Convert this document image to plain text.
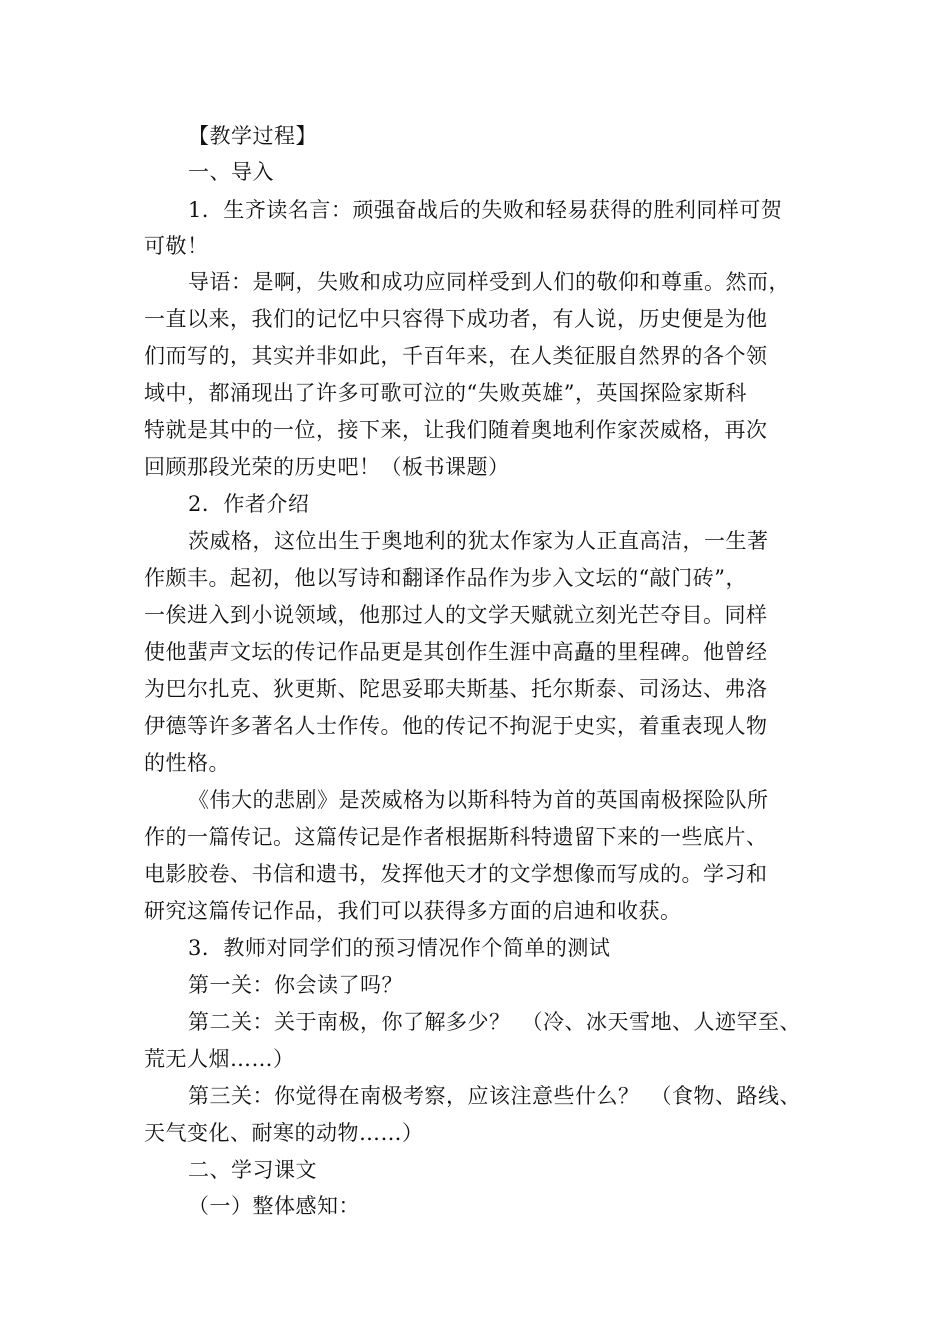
【教学过程】
一、导入
1．生齐读名言：顽强奋战后的失败和轻易获得的胜利同样可贺
可敬！
导语：是啊，失败和成功应同样受到人们的敬仰和尊重。然而，
一直以来，我们的记忆中只容得下成功者，有人说，历史便是为他
们而写的，其实并非如此，千百年来，在人类征服自然界的各个领
域中，都涌现出了许多可歌可泣的“失败英雄”，英国探险家斯科
特就是其中的一位，接下来，让我们随着奥地利作家茨威格，再次
回顾那段光荣的历史吧！（板书课题）
2．作者介绍
茨威格，这位出生于奥地利的犹太作家为人正直高洁，一生著
作颇丰。起初，他以写诗和翻译作品作为步入文坛的“敲门砖”，
一俟进入到小说领域，他那过人的文学天赋就立刻光芒夺目。同样
使他蜚声文坛的传记作品更是其创作生涯中高矗的里程碑。他曾经
为巴尔扎克、狄更斯、陀思妥耶夫斯基、托尔斯泰、司汤达、弗洛
伊德等许多著名人士作传。他的传记不拘泥于史实，着重表现人物
的性格。
《伟大的悲剧》是茨威格为以斯科特为首的英国南极探险队所
作的一篇传记。这篇传记是作者根据斯科特遗留下来的一些底片、
电影胶卷、书信和遗书，发挥他天才的文学想像而写成的。学习和
研究这篇传记作品，我们可以获得多方面的启迪和收获。
3．教师对同学们的预习情况作个简单的测试
第一关：你会读了吗？
第二关：关于南极，你了解多少？　（冷、冰天雪地、人迹罕至、
荒无人烟……）
第三关：你觉得在南极考察，应该注意些什么？　（食物、路线、
天气变化、耐寒的动物……）
二、学习课文
（一）整体感知：
